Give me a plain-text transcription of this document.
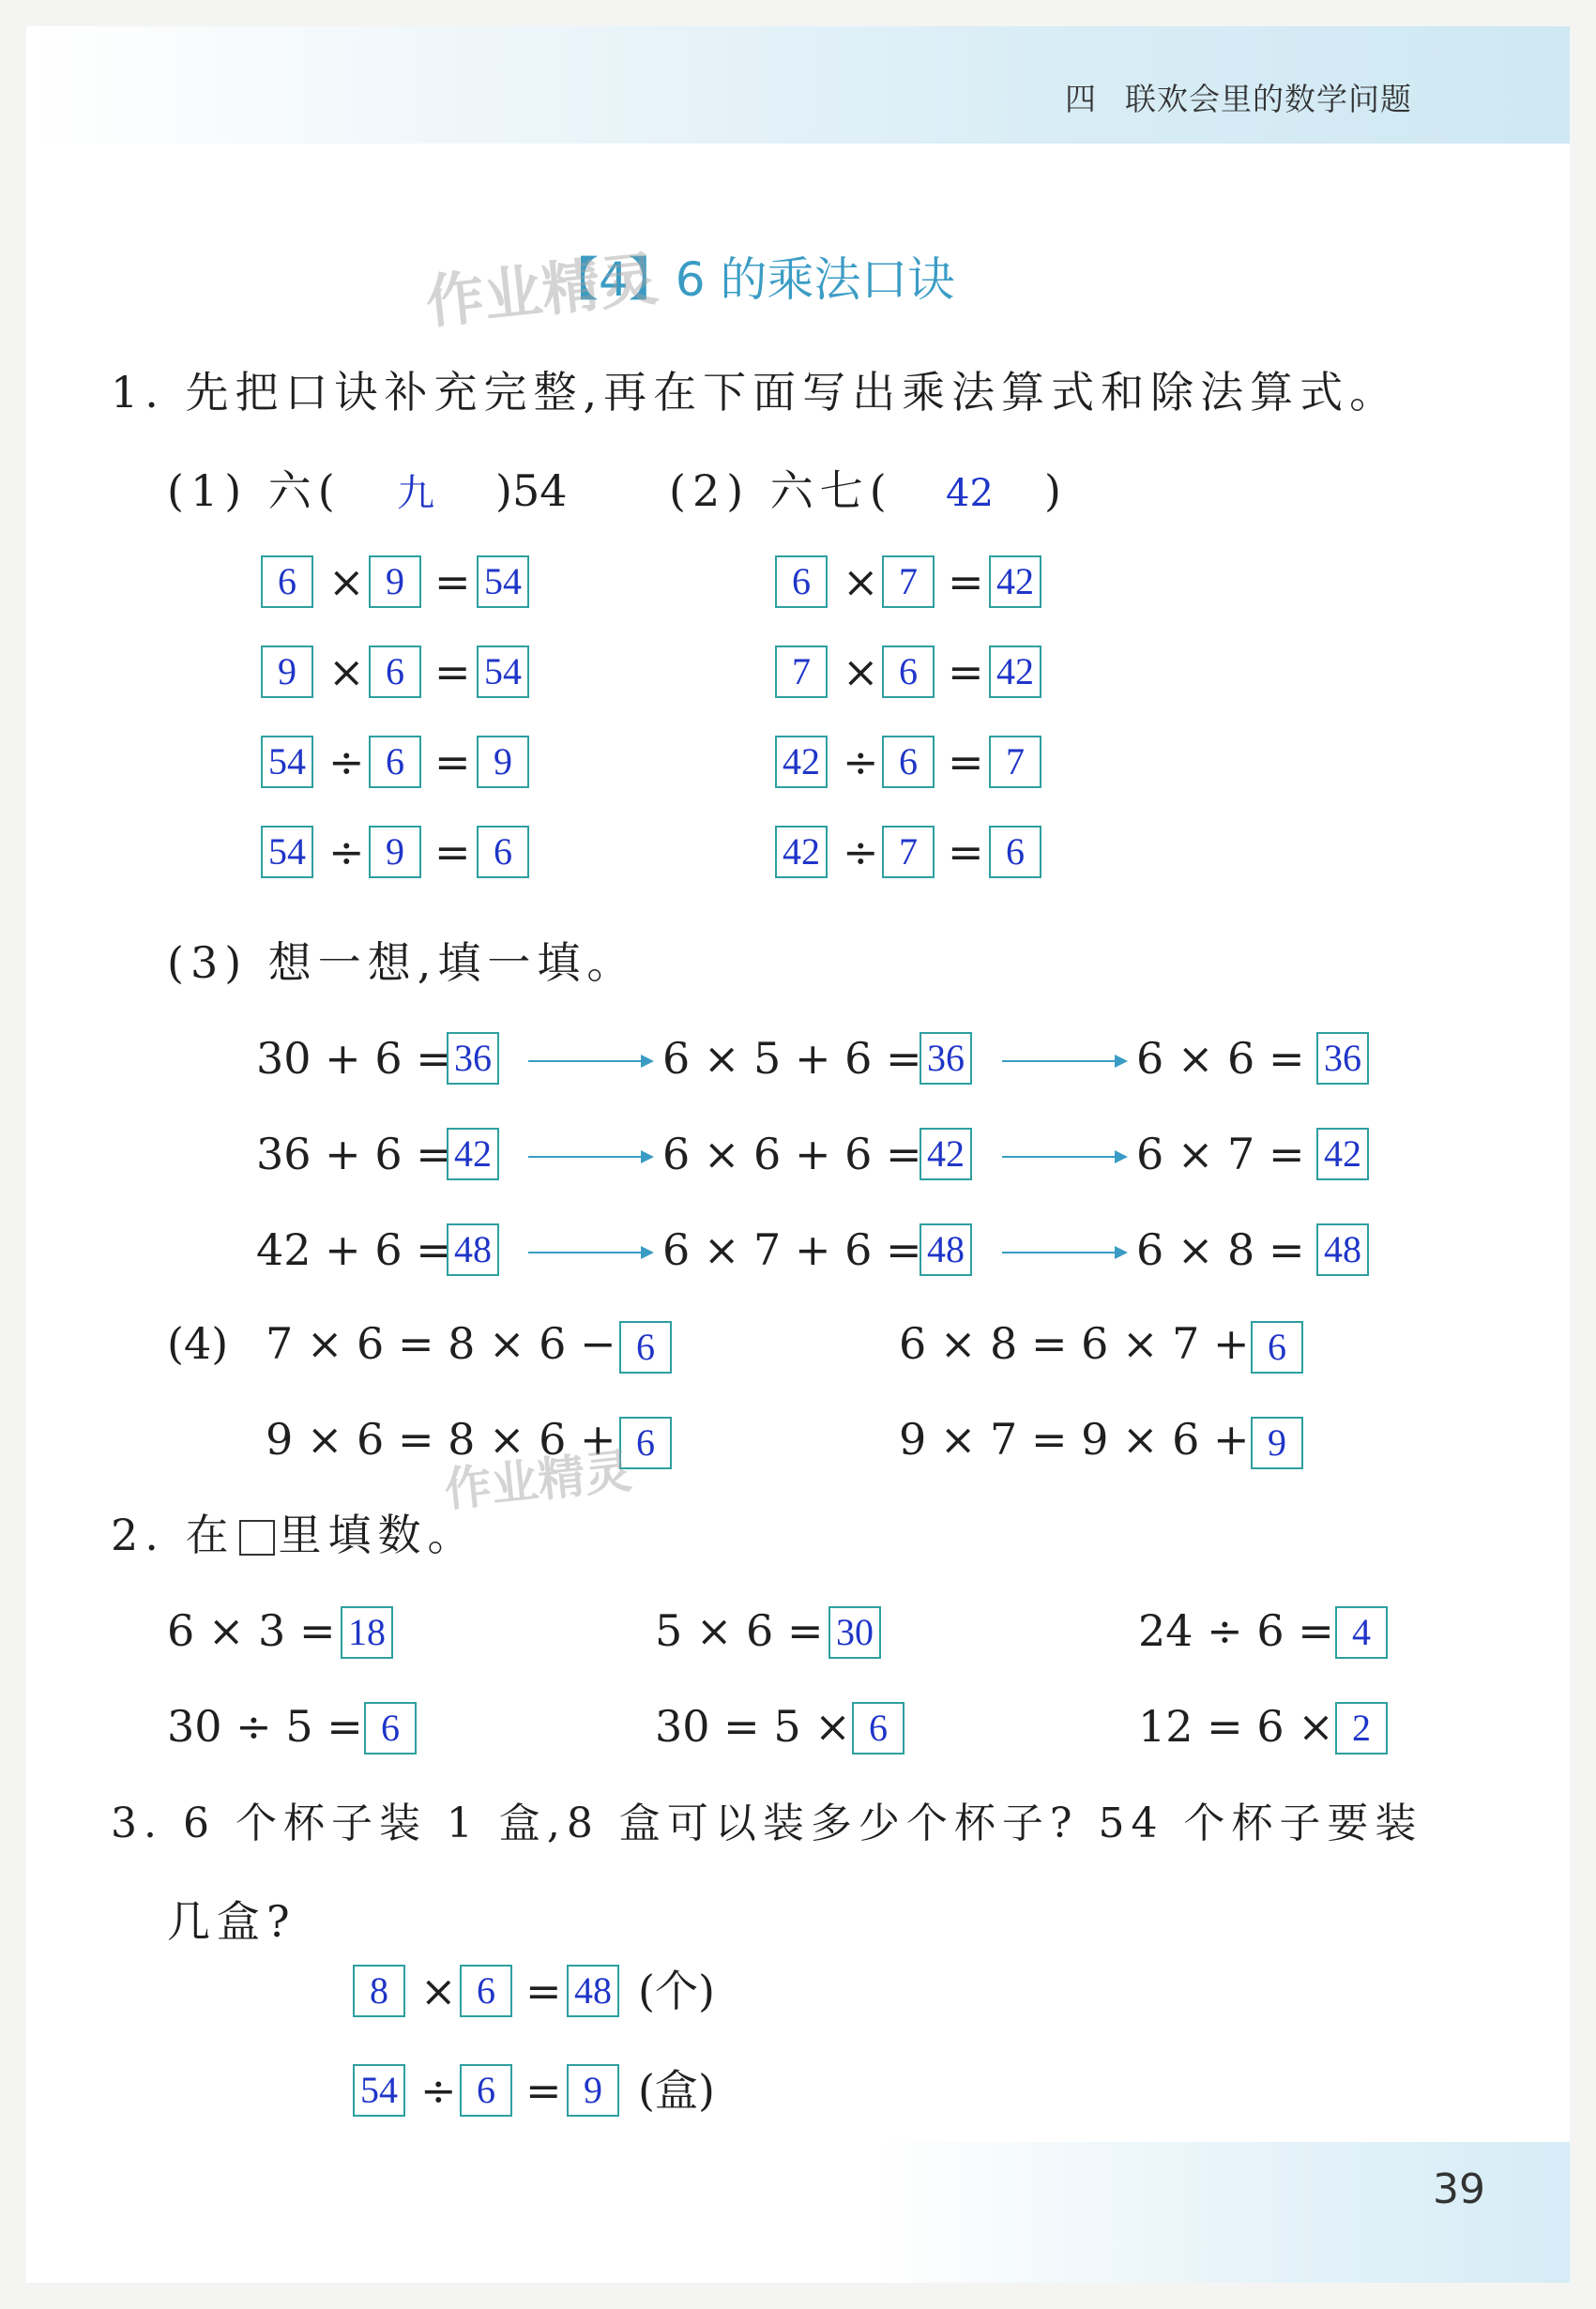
四 联欢会里的数学问题
【4】6 的乘法口诀
作业精灵
1. 先把口诀补充完整,再在下面写出乘法算式和除法算式。
(1) 六( 九 )54 (2) 六七( 42 )
6 × 9 = 54
9 × 6 = 54
54 ÷ 6 = 9
54 ÷ 9 = 6
6 × 7 = 42
7 × 6 = 42
42 ÷ 6 = 7
42 ÷ 7 = 6
(3) 想一想,填一填。
30 + 6 = 36	6 × 5 + 6 = 36	6 × 6 = 36
36 + 6 = 42	6 × 6 + 6 = 42	6 × 7 = 42
42 + 6 = 48	6 × 7 + 6 = 48	6 × 8 = 48
(4) 7 × 6 = 8 × 6 − 6	6 × 8 = 6 × 7 + 6
9 × 6 = 8 × 6 + 6	9 × 7 = 9 × 6 + 9
作业精灵
2. 在 里填数。
6 × 3 = 18	5 × 6 = 30	24 ÷ 6 = 4
30 ÷ 5 = 6	30 = 5 × 6	12 = 6 × 2
3. 6 个杯子装 1 盒,8 盒可以装多少个杯子? 54 个杯子要装
几盒?
8 × 6 = 48 (个)
54 ÷ 6 = 9 (盒)
39
